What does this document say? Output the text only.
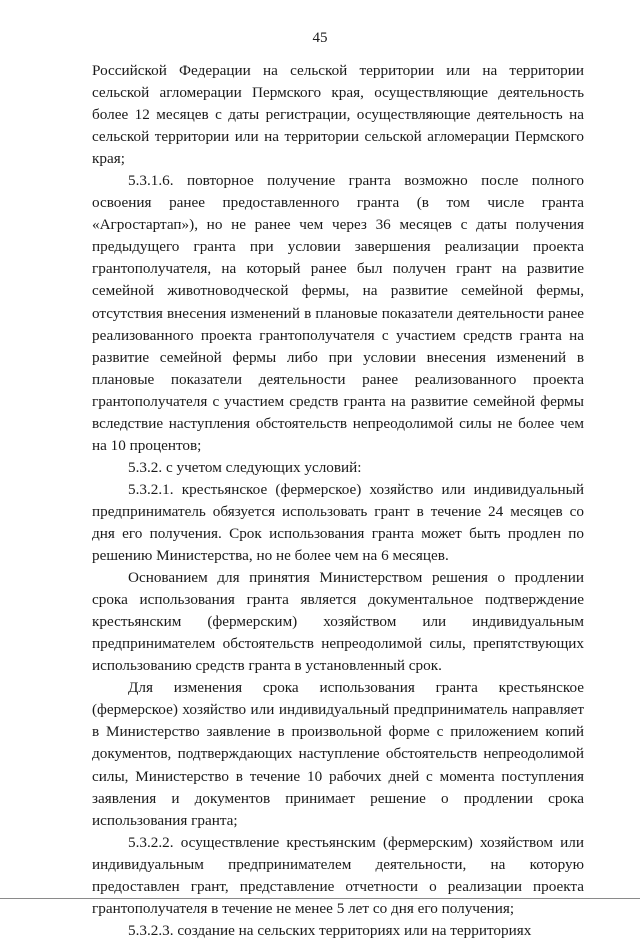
45

Российской Федерации на сельской территории или на территории сельской агломерации Пермского края, осуществляющие деятельность более 12 месяцев с даты регистрации, осуществляющие деятельность на сельской территории или на территории сельской агломерации Пермского края;

5.3.1.6. повторное получение гранта возможно после полного освоения ранее предоставленного гранта (в том числе гранта «Агростартап»), но не ранее чем через 36 месяцев с даты получения предыдущего гранта при условии завершения реализации проекта грантополучателя, на который ранее был получен грант на развитие семейной животноводческой фермы, на развитие семейной фермы, отсутствия внесения изменений в плановые показатели деятельности ранее реализованного проекта грантополучателя с участием средств гранта на развитие семейной фермы либо при условии внесения изменений в плановые показатели деятельности ранее реализованного проекта грантополучателя с участием средств гранта на развитие семейной фермы вследствие наступления обстоятельств непреодолимой силы не более чем на 10 процентов;

5.3.2. с учетом следующих условий:

5.3.2.1. крестьянское (фермерское) хозяйство или индивидуальный предприниматель обязуется использовать грант в течение 24 месяцев со дня его получения. Срок использования гранта может быть продлен по решению Министерства, но не более чем на 6 месяцев.

Основанием для принятия Министерством решения о продлении срока использования гранта является документальное подтверждение крестьянским (фермерским) хозяйством или индивидуальным предпринимателем обстоятельств непреодолимой силы, препятствующих использованию средств гранта в установленный срок.

Для изменения срока использования гранта крестьянское (фермерское) хозяйство или индивидуальный предприниматель направляет в Министерство заявление в произвольной форме с приложением копий документов, подтверждающих наступление обстоятельств непреодолимой силы, Министерство в течение 10 рабочих дней с момента поступления заявления и документов принимает решение о продлении срока использования гранта;

5.3.2.2. осуществление крестьянским (фермерским) хозяйством или индивидуальным предпринимателем деятельности, на которую предоставлен грант, представление отчетности о реализации проекта грантополучателя в течение не менее 5 лет со дня его получения;

5.3.2.3. создание на сельских территориях или на территориях
